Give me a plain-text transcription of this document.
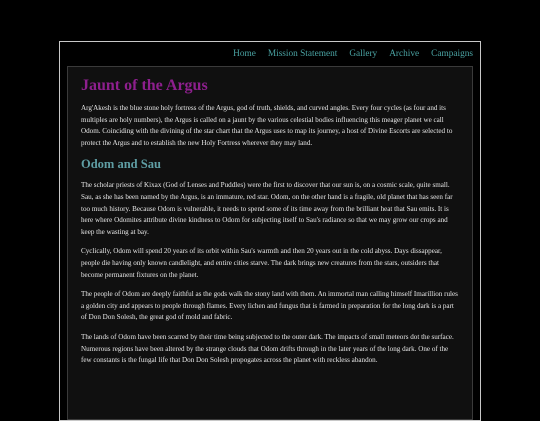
Home Mission Statement Gallery Archive Campaigns
Jaunt of the Argus

Arg'Akesh is the blue stone holy fortress of the Argus, god of truth, shields, and curved angles. Every four cycles (as four and its multiples are holy numbers), the Argus is called on a jaunt by the various celestial bodies influencing this meager planet we call Odom. Coinciding with the divining of the star chart that the Argus uses to map its journey, a host of Divine Escorts are selected to protect the Argus and to establish the new Holy Fortress wherever they may land.

Odom and Sau

The scholar priests of Kixax (God of Lenses and Puddles) were the first to discover that our sun is, on a cosmic scale, quite small. Sau, as she has been named by the Argus, is an immature, red star. Odom, on the other hand is a fragile, old planet that has seen far too much history. Because Odom is vulnerable, it needs to spend some of its time away from the brilliant heat that Sau emits. It is here where Odomites attribute divine kindness to Odom for subjecting itself to Sau's radiance so that we may grow our crops and keep the wasting at bay.

Cyclically, Odom will spend 20 years of its orbit within Sau's warmth and then 20 years out in the cold abyss. Days dissappear, people die having only known candlelight, and entire cities starve. The dark brings new creatures from the stars, outsiders that become permanent fixtures on the planet.

The people of Odom are deeply faithful as the gods walk the stony land with them. An immortal man calling himself Imarillion rules a golden city and appears to people through flames. Every lichen and fungus that is farmed in preparation for the long dark is a part of Don Don Solesh, the great god of mold and fabric.

The lands of Odom have been scarred by their time being subjected to the outer dark. The impacts of small meteors dot the surface. Numerous regions have been altered by the strange clouds that Odom drifts through in the later years of the long dark. One of the few constants is the fungal life that Don Don Solesh propogates across the planet with reckless abandon.
